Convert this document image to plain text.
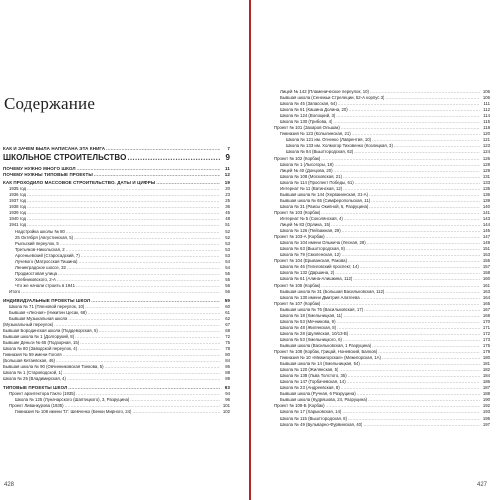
Содержание
КАК И ЗАЧЕМ БЫЛА НАПИСАНА ЭТА КНИГА .....	7
ШКОЛЬНОЕ СТРОИТЕЛЬСТВО .....	9
ПОЧЕМУ НУЖНО МНОГО ШКОЛ .....	11
ПОЧЕМУ НУЖНЫ ТИПОВЫЕ ПРОЕКТЫ .....	12
КАК ПРОХОДИЛО МАССОВОЕ СТРОИТЕЛЬСТВО. ДАТЫ И ЦИФРЫ .....	19
1935 год .....	20
1936 год .....	23
1937 год .....	25
1938 год .....	36
1939 год .....	45
1940 год .....	48
1941 год .....	51
Надстройка школы № 80 .....	52
25 Октября (Августинская, 5) .....	52
Рыльский переулок, 5 .....	53
Третьяков-Никольская, 2 .....	53
Арсеньевский (Старосадский, 7) .....	53
Лучевого (Матросская Тишина) .....	54
Ленинградское шоссе, 32 .....	54
Продмостовая улица .....	55
Хлебниковского, 2-А .....	55
Что же начали строить в 1941 .....	56
Итого .....	56
ИНДИВИДУАЛЬНЫЕ ПРОЕКТЫ ШКОЛ .....	59
Школа № 71 (Пленовой переулок, 10) .....	60
Бывшая «Лесная» (Никитин Цесак, 68) .....	61
Бывшая Музыкальная школа .....	62
(Музыкальный переулок) .....	67
Бывшая Бородинская школа (Поддеворская, 5) .....	68
Бывшая школа № 1 (Долгорукий, 8) .....	72
Бывшие Деньги № 65 (Подзорная, 15) .....	75
Школа № 80 (Заводской переулок, 4) .....	78
Гимназия № 59 имени Гоголя .....	80
(Большая Китаевская, 46) .....	84
Бывшая школа № 90 (Овчинниковская Тонкова, 5) .....	86
Школа № 1 (Староводской, 1) .....	88
Школа № 25 (Владимирская, 4) .....	89
ТИПОВЫЕ ПРОЕКТЫ ШКОЛ .....	93
Проект архитектора Гакло (1935) .....	94
Школа № 125 (Луначарского (Шаптицкого), 3, Разруцина) .....	96
Проект Ливанкурова (1935) .....	101
Гимназия № 108 имени Т.Г. Шевченко (Бенки Мирного, 24) .....	102
428
Лицей № 142 (Пламеническое переулок, 10) .....	106
Бывшая школа (Сенежьи Стрелеции, 52-А корпус 3) .....	106
Школа № 45 (Запасская, 64) .....	111
Школа № 61 (Кашина Долина, 20) .....	112
Школа № 124 (Волоцкий, 3) .....	114
Школа № 130 (Грибова, 4) .....	115
Проект № 101 (Захаров Ольшак) .....	118
Гимназия № 123 (Копылинская, 21) .....	120
Школа № 121 им. Огненко (Лаврентия, 10) .....	121
Школа № 133 им. Холмогор Тиховенко (Козлицкая, 3) .....	123
Школа № 84 (Выштгородская, 62) .....	124
Проект № 102 (Корбак) .....	126
Школа № 1 (Лысогоры, 18) .....	128
Лицей № 40 (Донцова, 20) .....	129
Школа № 108 (Московская, 21) .....	131
Школа № 114 (Проспект Победы, 61) .....	133
Интернат № 11 (Ватинская, 12) .....	135
Бывшая школа № 144 (Херванинская, 31-А) .....	136
Бывшая школа № 65 (Симферопольская, 11) .....	139
Школа № 31 (Раисы Окипной, 6, Разруцина) .....	140
Проект № 103 (Корбак) .....	141
Интернат № 5 (Соколянская, 4) .....	143
Лицей № 83 (Орлика, 15) .....	144
Школа № 126 (Пейзажная, 29) .....	145
Проект № 103-А (Корбак) .....	147
Школа № 104 имени Ольжича (Лесная, 28) .....	149
Школа № 63 (Выштгородская, 8) .....	151
Школа № 79 (Смоленская, 12) .....	153
Проект № 104 (Ерыванская, Ракова) .....	155
Школа № 46 (Гелиговский проспект, 14) .....	157
Школа № 132 (Даршина, 2) .....	158
Школа № 61 (Алина-Алишкина, 112) .....	160
Проект № 105 (Корбак) .....	161
Бывшая школа № 31 (Большая Васильковская, 112) .....	163
Школа № 130 имени Дмитрия Алатеева .....	164
Проект № 107 (Корбак) .....	165
Бывшая школа № 76 (Васильковская, 17) .....	167
Школа № 18 (Хмельницкая, 11) .....	168
Школа № 53 (Мечникова, 9) .....	170
Школа № 48 (Жилянская, 8) .....	171
Школа № 28 (Шулявская, 10/13-В) .....	172
Школа № 53 (Хмельницкого, 6) .....	173
Бывшая школа (Васильковская, 1 Разруцина) .....	175
Проект № 108 (Корбак, Грицай, Ноневский, Балков) .....	179
Гимназия № 10 «Межигорская» (Межигорская, 1А) .....	180
Бывшая школа № 14 (Хмельницкая, 54) .....	181
Школа № 120 (Жилянская, 5) .....	182
Школа № 138 (Льва Толстого, 35) .....	184
Школа № 147 (Горбачевская, 14) .....	186
Школа № 23 (Андреевская, 8) .....	187
Бывшая школа (Ручная, 6 Разруцина) .....	188
Бывшая школа (Кудряшова, 24, Разруцина) .....	190
Проект № 108-Б (Корбак) .....	192
Школа № 17 (Харьковская, 14) .....	193
Школа № 115 (Выштгородская, 8) .....	195
Школа № 49 (Бульварно-Фурвинская, 40) .....	197
427
